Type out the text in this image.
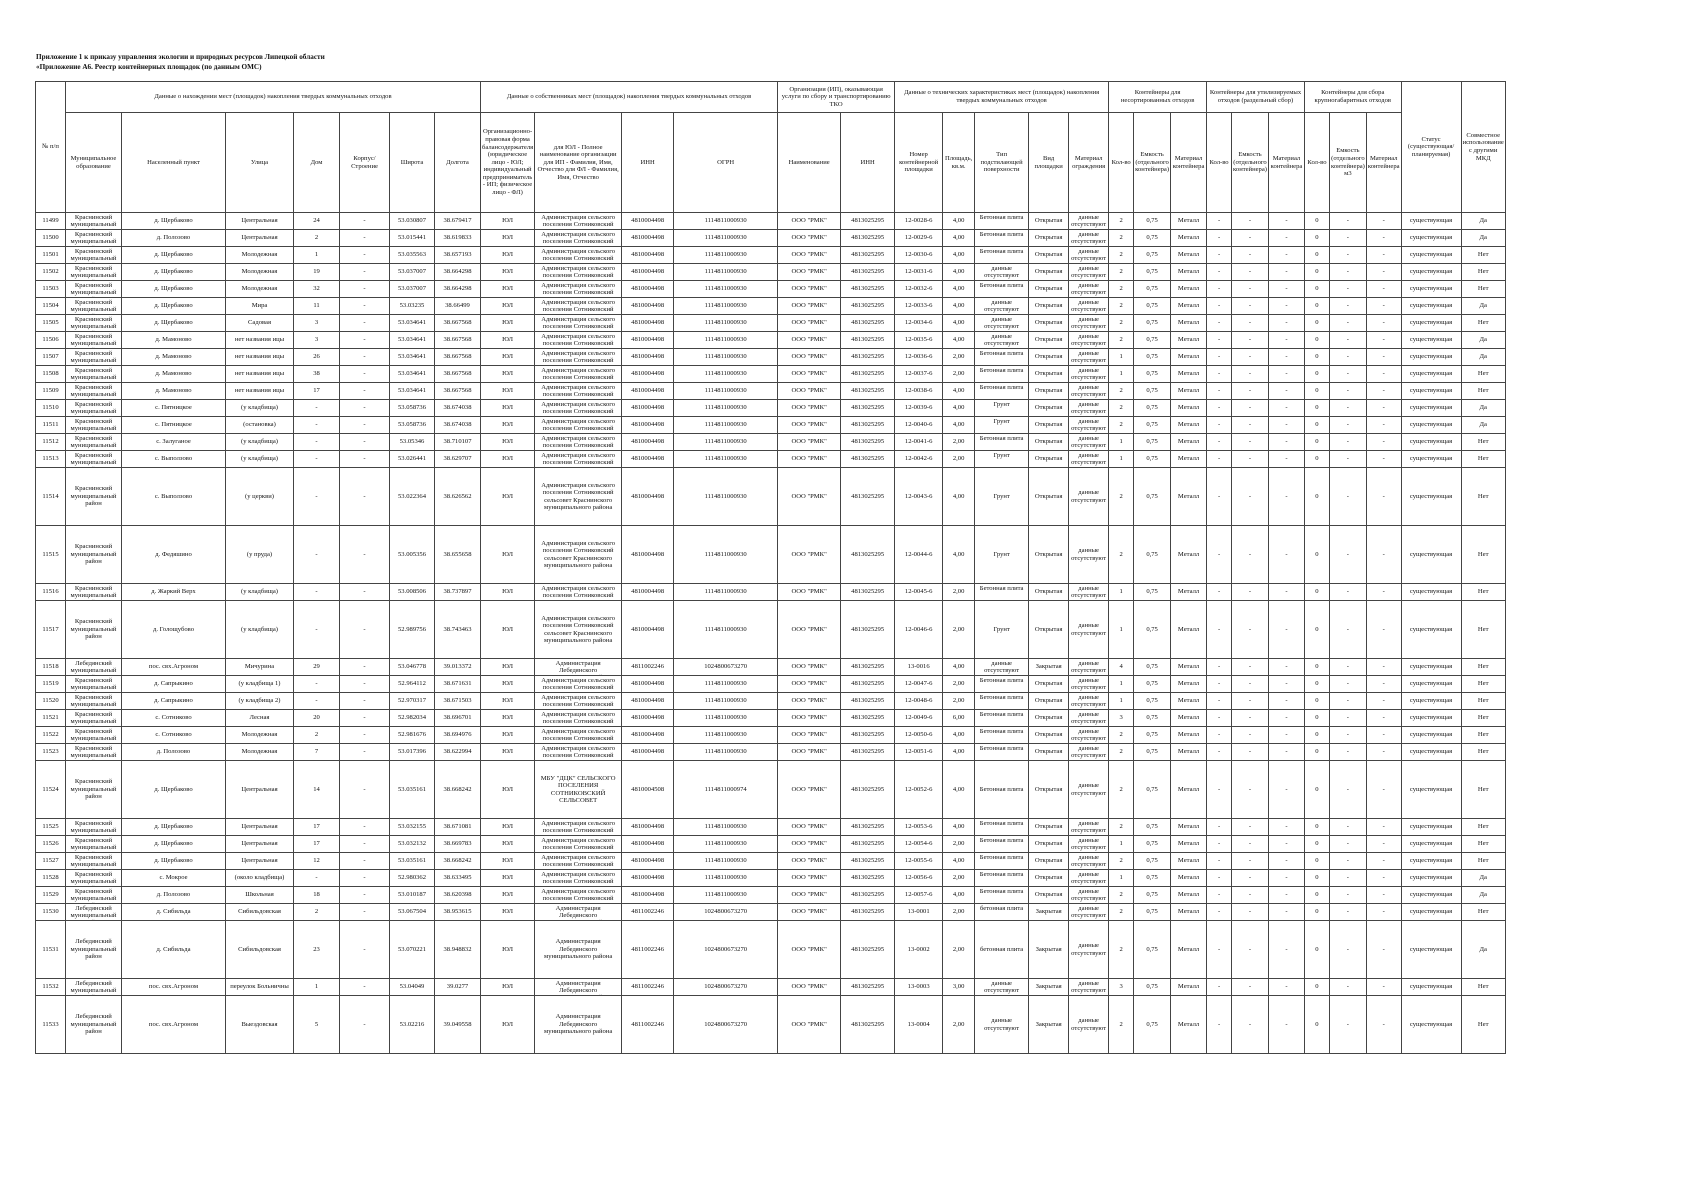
Приложение 1 к приказу управления экологии и природных ресурсов Липецкой области
«Приложение А6. Реестр контейнерных площадок (по данным ОМС)
№ п/п	Данные о нахождении мест (площадок) накопления твердых коммунальных отходов							Данные о собственниках мест (площадок) накопления твердых коммунальных отходов				Организация (ИП), оказывающая услуги по сбору и транспортированию ТКО		Данные о технических характеристиках мест (площадок) накопления твердых коммунальных отходов					Контейнеры для несортированных отходов			Контейнеры для утилизируемых отходов (раздельный сбор)			Контейнеры для сбора крупногабаритных отходов			Статус (существующая/ планируемая)	Совместное использование с другими МКД
	Муниципальное образование	Населенный пункт	Улица	Дом	Корпус/Строение	Широта	Долгота	Организационно-правовая форма балансодержателя (юридическое лицо - ЮЛ; индивидуальный предприниматель - ИП; физическое лицо - ФЛ)	для ЮЛ - Полное наименование организации для ИП - Фамилия, Имя, Отчество для ФЛ - Фамилия, Имя, Отчество	ИНН	ОГРН	Наименование	ИНН	Номер контейнерной площадки	Площадь, кв.м.	Тип подстилающей поверхности	Вид площадки	Материал ограждения	Кол-во	Емкость (отдельного контейнера)	Материал контейнера	Кол-во	Емкость (отдельного контейнера)	Материал контейнера	Кол-во	Емкость (отдельного контейнера) м3	Материал контейнера		
11499	Краснинский муниципальный	д. Щербаково	Центральная	24	-	53.030807	38.679417	ЮЛ	Администрация сельского поселения Сотниковский	4810004498	1114811000930	ООО "РМК"	4813025295	12-0028-6	4,00	Бетонная плита	Открытая	данные отсутствуют	2	0,75	Металл	-	-	-	0	-	-	существующая	Да
11500	Краснинский муниципальный	д. Полозово	Центральная	2	-	53.015441	38.619833	ЮЛ	Администрация сельского поселения Сотниковский	4810004498	1114811000930	ООО "РМК"	4813025295	12-0029-6	4,00	Бетонная плита	Открытая	данные отсутствуют	2	0,75	Металл	-	-	-	0	-	-	существующая	Да
11501	Краснинский муниципальный	д. Щербаково	Молодежная	1	-	53.035563	38.657193	ЮЛ	Администрация сельского поселения Сотниковский	4810004498	1114811000930	ООО "РМК"	4813025295	12-0030-6	4,00	Бетонная плита	Открытая	данные отсутствуют	2	0,75	Металл	-	-	-	0	-	-	существующая	Нет
11502	Краснинский муниципальный	д. Щербаково	Молодежная	19	-	53.037007	38.664298	ЮЛ	Администрация сельского поселения Сотниковский	4810004498	1114811000930	ООО "РМК"	4813025295	12-0031-6	4,00	данные отсутствуют	Открытая	данные отсутствуют	2	0,75	Металл	-	-	-	0	-	-	существующая	Нет
11503	Краснинский муниципальный	д. Щербаково	Молодежная	32	-	53.037007	38.664298	ЮЛ	Администрация сельского поселения Сотниковский	4810004498	1114811000930	ООО "РМК"	4813025295	12-0032-6	4,00	Бетонная плита	Открытая	данные отсутствуют	2	0,75	Металл	-	-	-	0	-	-	существующая	Нет
11504	Краснинский муниципальный	д. Щербаково	Мира	11	-	53.03235	38.66499	ЮЛ	Администрация сельского поселения Сотниковский	4810004498	1114811000930	ООО "РМК"	4813025295	12-0033-6	4,00	данные отсутствуют	Открытая	данные отсутствуют	2	0,75	Металл	-	-	-	0	-	-	существующая	Да
11505	Краснинский муниципальный	д. Щербаково	Садовая	3	-	53.034641	38.667568	ЮЛ	Администрация сельского поселения Сотниковский	4810004498	1114811000930	ООО "РМК"	4813025295	12-0034-6	4,00	данные отсутствуют	Открытая	данные отсутствуют	2	0,75	Металл	-	-	-	0	-	-	существующая	Нет
11506	Краснинский муниципальный	д. Мамоново	нет названия ицы	3	-	53.034641	38.667568	ЮЛ	Администрация сельского поселения Сотниковский	4810004498	1114811000930	ООО "РМК"	4813025295	12-0035-6	4,00	данные отсутствуют	Открытая	данные отсутствуют	2	0,75	Металл	-	-	-	0	-	-	существующая	Да
11507	Краснинский муниципальный	д. Мамоново	нет названия ицы	26	-	53.034641	38.667568	ЮЛ	Администрация сельского поселения Сотниковский	4810004498	1114811000930	ООО "РМК"	4813025295	12-0036-6	2,00	Бетонная плита	Открытая	данные отсутствуют	1	0,75	Металл	-	-	-	0	-	-	существующая	Да
11508	Краснинский муниципальный	д. Мамоново	нет названия ицы	38	-	53.034641	38.667568	ЮЛ	Администрация сельского поселения Сотниковский	4810004498	1114811000930	ООО "РМК"	4813025295	12-0037-6	2,00	Бетонная плита	Открытая	данные отсутствуют	1	0,75	Металл	-	-	-	0	-	-	существующая	Нет
11509	Краснинский муниципальный	д. Мамоново	нет названия ицы	17	-	53.034641	38.667568	ЮЛ	Администрация сельского поселения Сотниковский	4810004498	1114811000930	ООО "РМК"	4813025295	12-0038-6	4,00	Бетонная плита	Открытая	данные отсутствуют	2	0,75	Металл	-	-	-	0	-	-	существующая	Нет
11510	Краснинский муниципальный	с. Пятницкое	(у кладбища)	-	-	53.058736	38.674038	ЮЛ	Администрация сельского поселения Сотниковский	4810004498	1114811000930	ООО "РМК"	4813025295	12-0039-6	4,00	Грунт	Открытая	данные отсутствуют	2	0,75	Металл	-	-	-	0	-	-	существующая	Да
11511	Краснинский муниципальный	с. Пятницкое	(остановка)	-	-	53.058736	38.674038	ЮЛ	Администрация сельского поселения Сотниковский	4810004498	1114811000930	ООО "РМК"	4813025295	12-0040-6	4,00	Грунт	Открытая	данные отсутствуют	2	0,75	Металл	-	-	-	0	-	-	существующая	Да
11512	Краснинский муниципальный	с. Залуганое	(у кладбища)	-	-	53.05346	38.710107	ЮЛ	Администрация сельского поселения Сотниковский	4810004498	1114811000930	ООО "РМК"	4813025295	12-0041-6	2,00	Бетонная плита	Открытая	данные отсутствуют	1	0,75	Металл	-	-	-	0	-	-	существующая	Нет
11513	Краснинский муниципальный	с. Выползово	(у кладбища)	-	-	53.026441	38.629707	ЮЛ	Администрация сельского поселения Сотниковский	4810004498	1114811000930	ООО "РМК"	4813025295	12-0042-6	2,00	Грунт	Открытая	данные отсутствуют	1	0,75	Металл	-	-	-	0	-	-	существующая	Нет
11514	Краснинский муниципальный район	с. Выползово	(у церкви)	-	-	53.022364	38.626562	ЮЛ	Администрация сельского поселения Сотниковский сельсовет Краснинского муниципального района	4810004498	1114811000930	ООО "РМК"	4813025295	12-0043-6	4,00	Грунт	Открытая	данные отсутствуют	2	0,75	Металл	-	-	-	0	-	-	существующая	Нет
11515	Краснинский муниципальный район	д. Федяшино	(у пруда)	-	-	53.005356	38.655658	ЮЛ	Администрация сельского поселения Сотниковский сельсовет Краснинского муниципального района	4810004498	1114811000930	ООО "РМК"	4813025295	12-0044-6	4,00	Грунт	Открытая	данные отсутствуют	2	0,75	Металл	-	-	-	0	-	-	существующая	Нет
11516	Краснинский муниципальный	д. Жаркий Верх	(у кладбища)	-	-	53.008506	38.737897	ЮЛ	Администрация сельского поселения Сотниковский	4810004498	1114811000930	ООО "РМК"	4813025295	12-0045-6	2,00	Бетонная плита	Открытая	данные отсутствуют	1	0,75	Металл	-	-	-	0	-	-	существующая	Нет
11517	Краснинский муниципальный район	д. Голощубово	(у кладбища)	-	-	52.989756	38.743463	ЮЛ	Администрация сельского поселения Сотниковский сельсовет Краснинского муниципального района	4810004498	1114811000930	ООО "РМК"	4813025295	12-0046-6	2,00	Грунт	Открытая	данные отсутствуют	1	0,75	Металл	-	-	-	0	-	-	существующая	Нет
11518	Лебедянский муниципальный	пос. свх.Агроном	Мичурина	29	-	53.046778	39.013372	ЮЛ	Администрация Лебедянского	4811002246	1024800673270	ООО "РМК"	4813025295	13-0016	4,00	данные отсутствуют	Закрытая	данные отсутствуют	4	0,75	Металл	-	-	-	0	-	-	существующая	Нет
11519	Краснинский муниципальный	д. Сапрыкино	(у кладбища 1)	-	-	52.964112	38.671631	ЮЛ	Администрация сельского поселения Сотниковский	4810004498	1114811000930	ООО "РМК"	4813025295	12-0047-6	2,00	Бетонная плита	Открытая	данные отсутствуют	1	0,75	Металл	-	-	-	0	-	-	существующая	Нет
11520	Краснинский муниципальный	д. Сапрыкино	(у кладбища 2)	-	-	52.970317	38.671503	ЮЛ	Администрация сельского поселения Сотниковский	4810004498	1114811000930	ООО "РМК"	4813025295	12-0048-6	2,00	Бетонная плита	Открытая	данные отсутствуют	1	0,75	Металл	-	-	-	0	-	-	существующая	Нет
11521	Краснинский муниципальный	с. Сотниково	Лесная	20	-	52.982034	38.696701	ЮЛ	Администрация сельского поселения Сотниковский	4810004498	1114811000930	ООО "РМК"	4813025295	12-0049-6	6,00	Бетонная плита	Открытая	данные отсутствуют	3	0,75	Металл	-	-	-	0	-	-	существующая	Нет
11522	Краснинский муниципальный	с. Сотниково	Молодежная	2	-	52.981676	38.694976	ЮЛ	Администрация сельского поселения Сотниковский	4810004498	1114811000930	ООО "РМК"	4813025295	12-0050-6	4,00	Бетонная плита	Открытая	данные отсутствуют	2	0,75	Металл	-	-	-	0	-	-	существующая	Нет
11523	Краснинский муниципальный	д. Полозово	Молодежная	7	-	53.017396	38.622994	ЮЛ	Администрация сельского поселения Сотниковский	4810004498	1114811000930	ООО "РМК"	4813025295	12-0051-6	4,00	Бетонная плита	Открытая	данные отсутствуют	2	0,75	Металл	-	-	-	0	-	-	существующая	Нет
11524	Краснинский муниципальный район	д. Щербаково	Центральная	14	-	53.035161	38.668242	ЮЛ	МБУ "ДЦК" СЕЛЬСКОГО ПОСЕЛЕНИЯ СОТНИКОВСКИЙ СЕЛЬСОВЕТ	4810004508	1114811000974	ООО "РМК"	4813025295	12-0052-6	4,00	Бетонная плита	Открытая	данные отсутствуют	2	0,75	Металл	-	-	-	0	-	-	существующая	Нет
11525	Краснинский муниципальный	д. Щербаково	Центральная	17	-	53.032155	38.671081	ЮЛ	Администрация сельского поселения Сотниковский	4810004498	1114811000930	ООО "РМК"	4813025295	12-0053-6	4,00	Бетонная плита	Открытая	данные отсутствуют	2	0,75	Металл	-	-	-	0	-	-	существующая	Нет
11526	Краснинский муниципальный	д. Щербаково	Центральная	17	-	53.032132	38.669783	ЮЛ	Администрация сельского поселения Сотниковский	4810004498	1114811000930	ООО "РМК"	4813025295	12-0054-6	2,00	Бетонная плита	Открытая	данные отсутствуют	1	0,75	Металл	-	-	-	0	-	-	существующая	Нет
11527	Краснинский муниципальный	д. Щербаково	Центральная	12	-	53.035161	38.668242	ЮЛ	Администрация сельского поселения Сотниковский	4810004498	1114811000930	ООО "РМК"	4813025295	12-0055-6	4,00	Бетонная плита	Открытая	данные отсутствуют	2	0,75	Металл	-	-	-	0	-	-	существующая	Нет
11528	Краснинский муниципальный	с. Мокрое	(около кладбища)	-	-	52.980362	38.633495	ЮЛ	Администрация сельского поселения Сотниковский	4810004498	1114811000930	ООО "РМК"	4813025295	12-0056-6	2,00	Бетонная плита	Открытая	данные отсутствуют	1	0,75	Металл	-	-	-	0	-	-	существующая	Да
11529	Краснинский муниципальный	д. Полозово	Школьная	18	-	53.010187	38.620398	ЮЛ	Администрация сельского поселения Сотниковский	4810004498	1114811000930	ООО "РМК"	4813025295	12-0057-6	4,00	Бетонная плита	Открытая	данные отсутствуют	2	0,75	Металл	-	-	-	0	-	-	существующая	Да
11530	Лебедянский муниципальный	д. Сибильда	Сибильдовская	2	-	53.067504	38.953615	ЮЛ	Администрация Лебедянского	4811002246	1024800673270	ООО "РМК"	4813025295	13-0001	2,00	бетонная плита	Закрытая	данные отсутствуют	2	0,75	Металл	-	-	-	0	-	-	существующая	Нет
11531	Лебедянский муниципальный район	д. Сибильда	Сибильдовская	23	-	53.070221	38.948832	ЮЛ	Администрация Лебедянского муниципального района	4811002246	1024800673270	ООО "РМК"	4813025295	13-0002	2,00	бетонная плита	Закрытая	данные отсутствуют	2	0,75	Металл	-	-	-	0	-	-	существующая	Да
11532	Лебедянский муниципальный	пос. свх.Агроном	переулок Больничны	1	-	53.04049	39.0277	ЮЛ	Администрация Лебедянского	4811002246	1024800673270	ООО "РМК"	4813025295	13-0003	3,00	данные отсутствуют	Закрытая	данные отсутствуют	3	0,75	Металл	-	-	-	0	-	-	существующая	Нет
11533	Лебедянский муниципальный район	пос. свх.Агроном	Выездовская	5	-	53.02216	39.049558	ЮЛ	Администрация Лебедянского муниципального района	4811002246	1024800673270	ООО "РМК"	4813025295	13-0004	2,00	данные отсутствуют	Закрытая	данные отсутствуют	2	0,75	Металл	-	-	-	0	-	-	существующая	Нет
